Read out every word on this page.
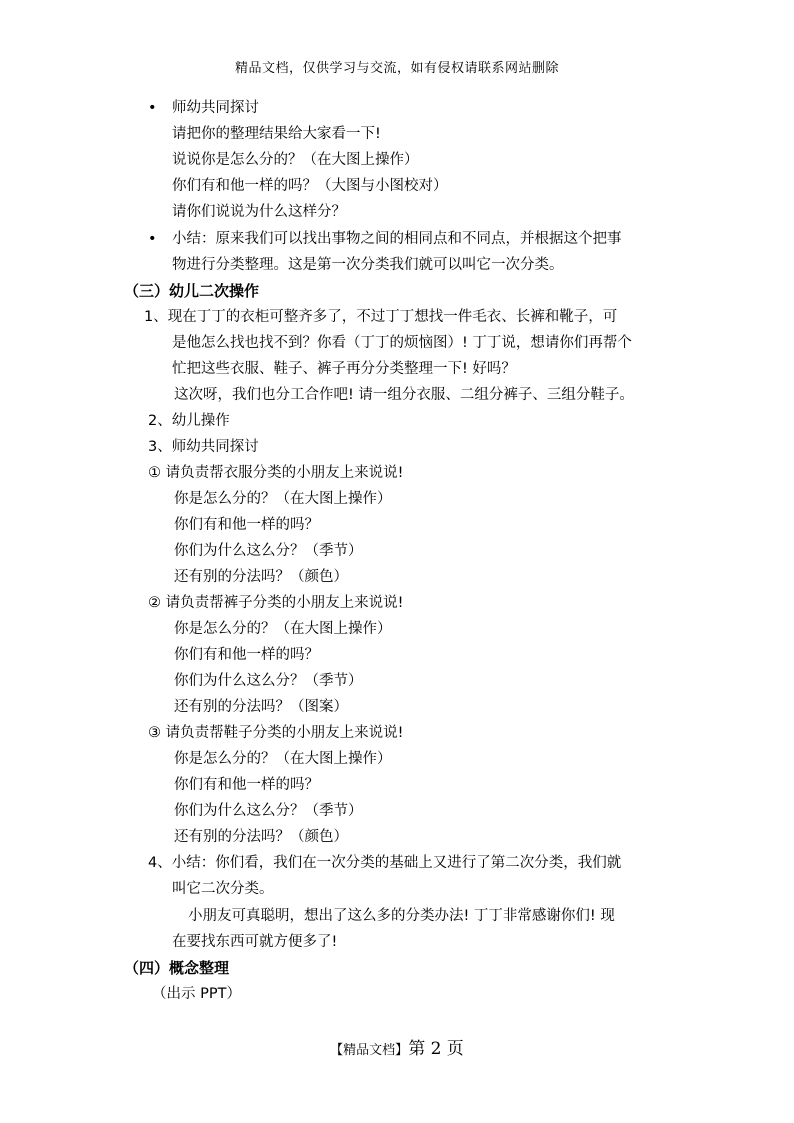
精品文档，仅供学习与交流，如有侵权请联系网站删除
• 师幼共同探讨
请把你的整理结果给大家看一下!
说说你是怎么分的？（在大图上操作）
你们有和他一样的吗？（大图与小图校对）
请你们说说为什么这样分？
• 小结：原来我们可以找出事物之间的相同点和不同点，并根据这个把事
物进行分类整理。这是第一次分类我们就可以叫它一次分类。
（三）幼儿二次操作
1、现在丁丁的衣柜可整齐多了，不过丁丁想找一件毛衣、长裤和靴子，可
是他怎么找也找不到？你看（丁丁的烦恼图）! 丁丁说，想请你们再帮个
忙把这些衣服、鞋子、裤子再分分类整理一下! 好吗？
这次呀，我们也分工合作吧! 请一组分衣服、二组分裤子、三组分鞋子。
2、幼儿操作
3、师幼共同探讨
① 请负责帮衣服分类的小朋友上来说说!
你是怎么分的？（在大图上操作）
你们有和他一样的吗？
你们为什么这么分？（季节）
还有别的分法吗？（颜色）
② 请负责帮裤子分类的小朋友上来说说!
你是怎么分的？（在大图上操作）
你们有和他一样的吗？
你们为什么这么分？（季节）
还有别的分法吗？（图案）
③ 请负责帮鞋子分类的小朋友上来说说!
你是怎么分的？（在大图上操作）
你们有和他一样的吗？
你们为什么这么分？（季节）
还有别的分法吗？（颜色）
4、小结：你们看，我们在一次分类的基础上又进行了第二次分类，我们就
叫它二次分类。
小朋友可真聪明，想出了这么多的分类办法! 丁丁非常感谢你们! 现
在要找东西可就方便多了!
（四）概念整理
（出示 PPT）
【精品文档】第 2 页
